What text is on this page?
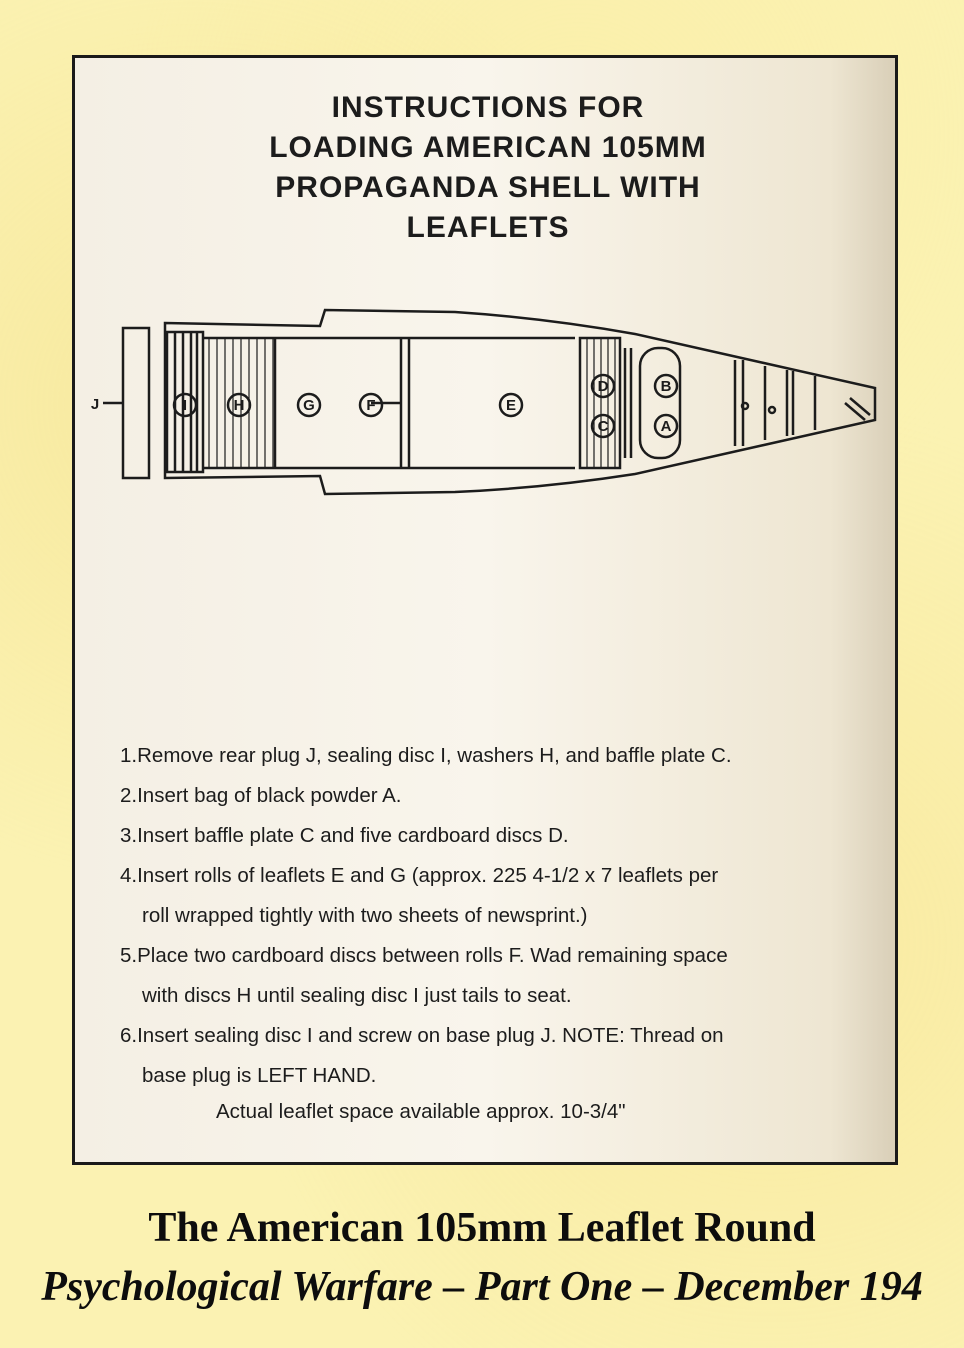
INSTRUCTIONS FOR
LOADING AMERICAN 105MM
PROPAGANDA SHELL WITH
LEAFLETS
J	I	H	G	F	E
D
C
B
A
1.Remove rear plug J, sealing disc I, washers H, and baffle plate C.
2.Insert bag of black powder A.
3.Insert baffle plate C and five cardboard discs D.
4.Insert rolls of leaflets E and G (approx. 225 4-1/2 x 7 leaflets per
roll wrapped tightly with two sheets of newsprint.)
5.Place two cardboard discs between rolls F. Wad remaining space
with discs H until sealing disc I just tails to seat.
6.Insert sealing disc I and screw on base plug J. NOTE: Thread on
base plug is LEFT HAND.
Actual leaflet space available approx. 10-3/4"
The American 105mm Leaflet Round
Psychological Warfare – Part One – December 194
